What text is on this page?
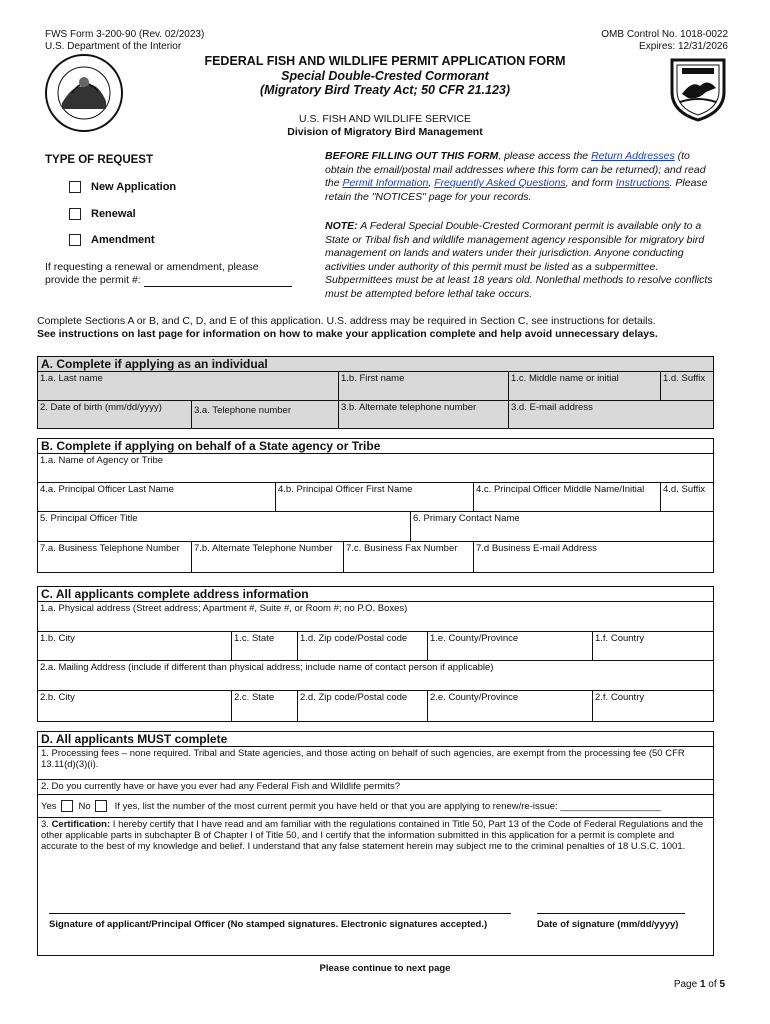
FWS Form 3-200-90 (Rev. 02/2023)
U.S. Department of the Interior
OMB Control No. 1018-0022
Expires: 12/31/2026
FEDERAL FISH AND WILDLIFE PERMIT APPLICATION FORM
Special Double-Crested Cormorant
(Migratory Bird Treaty Act; 50 CFR 21.123)
U.S. FISH AND WILDLIFE SERVICE
Division of Migratory Bird Management
TYPE OF REQUEST
New Application
Renewal
Amendment
If requesting a renewal or amendment, please provide the permit #:
BEFORE FILLING OUT THIS FORM, please access the Return Addresses (to obtain the email/postal mail addresses where this form can be returned); and read the Permit Information, Frequently Asked Questions, and form Instructions. Please retain the "NOTICES" page for your records.
NOTE: A Federal Special Double-Crested Cormorant permit is available only to a State or Tribal fish and wildlife management agency responsible for migratory bird management on lands and waters under their jurisdiction. Anyone conducting activities under authority of this permit must be listed as a subpermittee. Subpermittees must be at least 18 years old. Nonlethal methods to resolve conflicts must be attempted before lethal take occurs.
Complete Sections A or B, and C, D, and E of this application. U.S. address may be required in Section C, see instructions for details.
See instructions on last page for information on how to make your application complete and help avoid unnecessary delays.
A. Complete if applying as an individual
1.a. Last name	1.b. First name	1.c. Middle name or initial	1.d. Suffix
2. Date of birth (mm/dd/yyyy)	3.a. Telephone number	3.b. Alternate telephone number	3.d. E-mail address
B. Complete if applying on behalf of a State agency or Tribe
1.a. Name of Agency or Tribe
4.a. Principal Officer Last Name	4.b. Principal Officer First Name	4.c. Principal Officer Middle Name/Initial	4.d. Suffix
5. Principal Officer Title	6. Primary Contact Name
7.a. Business Telephone Number	7.b. Alternate Telephone Number	7.c. Business Fax Number	7.d Business E-mail Address
C. All applicants complete address information
1.a. Physical address (Street address; Apartment #, Suite #, or Room #; no P.O. Boxes)
1.b. City	1.c. State	1.d. Zip code/Postal code	1.e. County/Province	1.f. Country
2.a. Mailing Address (include if different than physical address; include name of contact person if applicable)
2.b. City	2.c. State	2.d. Zip code/Postal code	2.e. County/Province	2.f. Country
D. All applicants MUST complete
1. Processing fees – none required. Tribal and State agencies, and those acting on behalf of such agencies, are exempt from the processing fee (50 CFR 13.11(d)(3)(i).
2. Do you currently have or have you ever had any Federal Fish and Wildlife permits?
Yes No	If yes, list the number of the most current permit you have held or that you are applying to renew/re-issue: ___________________
3. Certification: I hereby certify that I have read and am familiar with the regulations contained in Title 50, Part 13 of the Code of Federal Regulations and the other applicable parts in subchapter B of Chapter I of Title 50, and I certify that the information submitted in this application for a permit is complete and accurate to the best of my knowledge and belief. I understand that any false statement herein may subject me to the criminal penalties of 18 U.S.C. 1001.
Signature of applicant/Principal Officer (No stamped signatures. Electronic signatures accepted.)	Date of signature (mm/dd/yyyy)
Please continue to next page
Page 1 of 5
